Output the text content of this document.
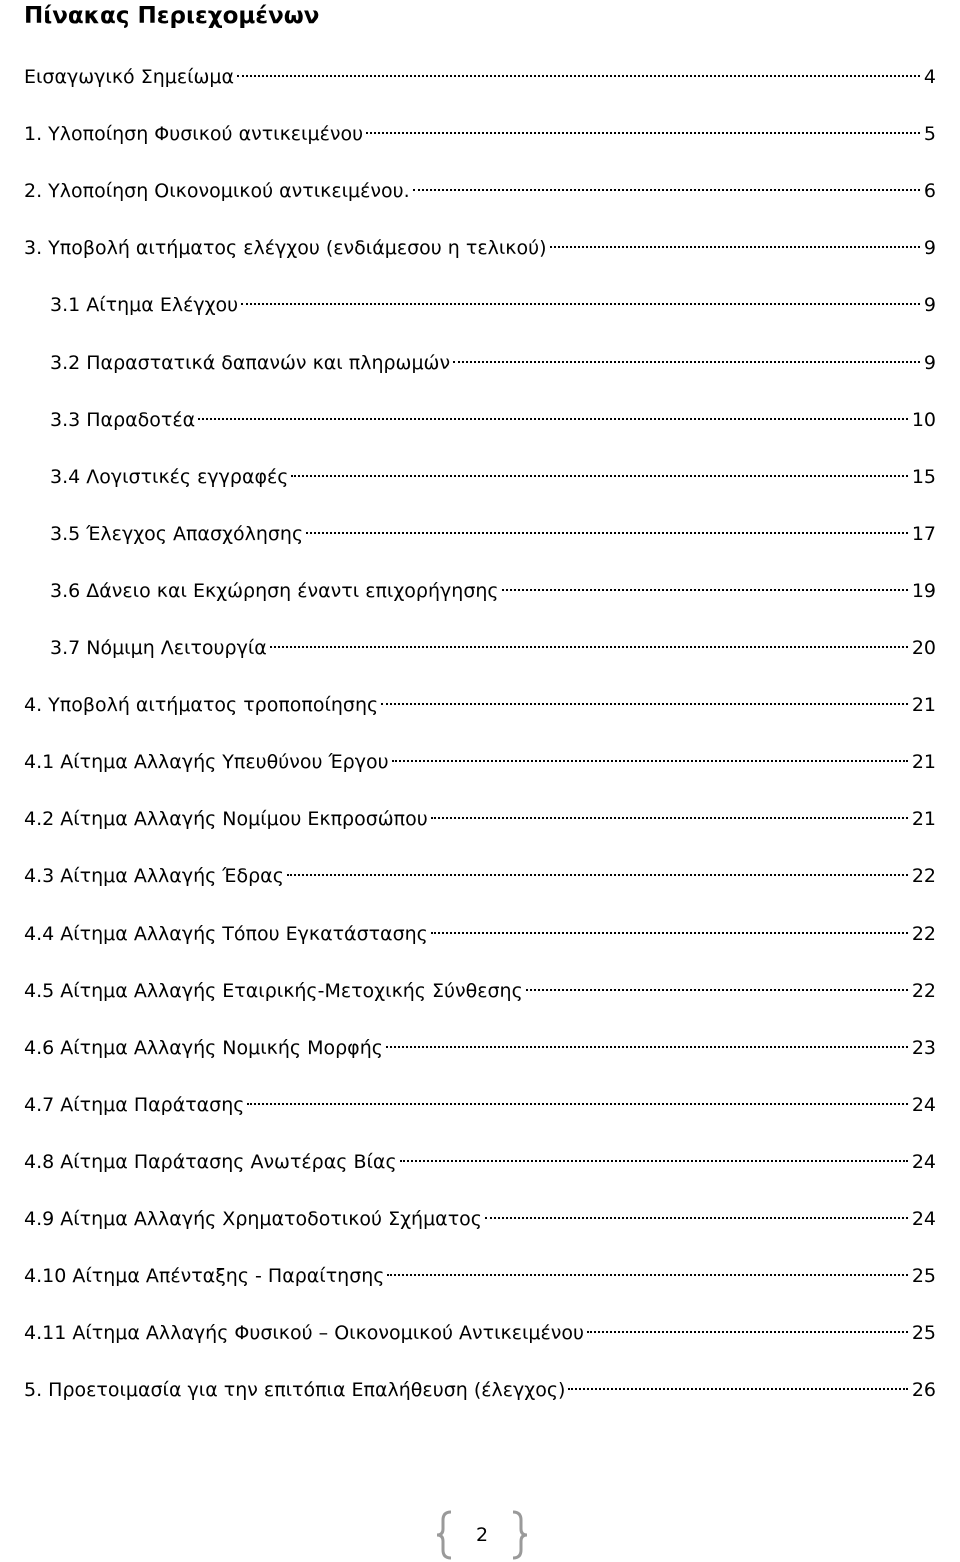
Πίνακας Περιεχομένων
Εισαγωγικό Σημείωμα	4
1. Υλοποίηση Φυσικού αντικειμένου	5
2. Υλοποίηση Οικονομικού αντικειμένου.	6
3. Υποβολή αιτήματος ελέγχου (ενδιάμεσου η τελικού)	9
3.1 Αίτημα Ελέγχου	9
3.2 Παραστατικά δαπανών και πληρωμών	9
3.3 Παραδοτέα	10
3.4 Λογιστικές εγγραφές	15
3.5 Έλεγχος Απασχόλησης	17
3.6 Δάνειο και Εκχώρηση έναντι επιχορήγησης	19
3.7 Νόμιμη Λειτουργία	20
4. Υποβολή αιτήματος τροποποίησης	21
4.1 Αίτημα Αλλαγής Υπευθύνου Έργου	21
4.2 Αίτημα Αλλαγής Νομίμου Εκπροσώπου	21
4.3 Αίτημα Αλλαγής Έδρας	22
4.4 Αίτημα Αλλαγής Τόπου Εγκατάστασης	22
4.5 Αίτημα Αλλαγής Εταιρικής-Μετοχικής Σύνθεσης	22
4.6 Αίτημα Αλλαγής Νομικής Μορφής	23
4.7 Αίτημα Παράτασης	24
4.8 Αίτημα Παράτασης Ανωτέρας Βίας	24
4.9 Αίτημα Αλλαγής Χρηματοδοτικού Σχήματος	24
4.10 Αίτημα Απένταξης - Παραίτησης	25
4.11 Αίτημα Αλλαγής Φυσικού – Οικονομικού Αντικειμένου	25
5. Προετοιμασία για την επιτόπια Επαλήθευση (έλεγχος)	26
2
